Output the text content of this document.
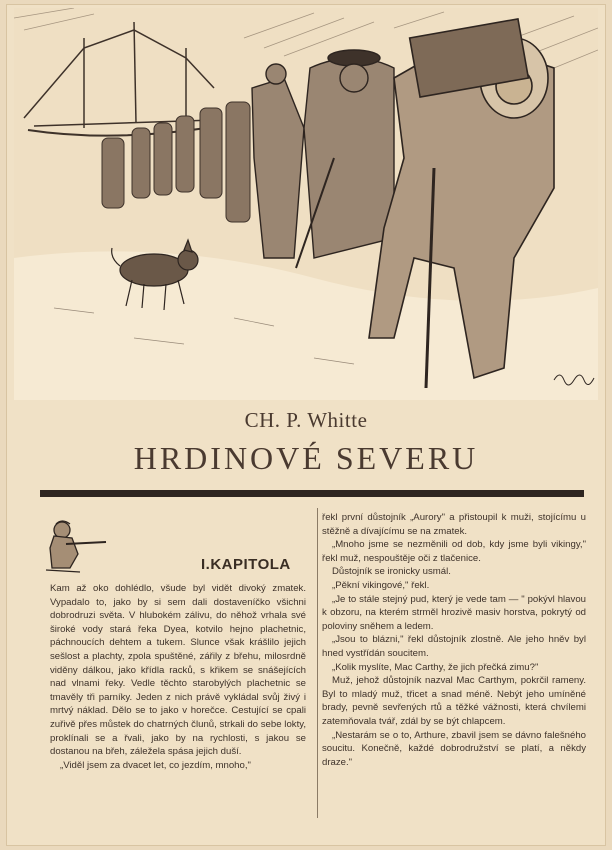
CH. P. Whitte
HRDINOVÉ SEVERU
I.KAPITOLA

Kam až oko dohlédlo, všude byl vidět divoký zmatek. Vypadalo to, jako by si sem dali dostaveníčko všichni dobrodruzi světa. V hlubokém zálivu, do něhož vrhala své široké vody stará řeka Dyea, kotvilo hejno plachetnic, páchnoucích dehtem a tukem. Slunce však krášlilo jejich sešlost a plachty, zpola spuštěné, zářily z břehu, milosrdně viděny dálkou, jako křídla racků, s křikem se snášejících nad vlnami řeky. Vedle těchto starobylých plachetnic se tmavěly tři parníky. Jeden z nich právě vykládal svůj živý i mrtvý náklad. Dělo se to jako v horečce. Cestující se cpali zuřivě přes můstek do chatrných člunů, strkali do sebe lokty, proklínali se a řvali, jako by na rychlosti, s jakou se dostanou na břeh, záležela spása jejich duší.

„Viděl jsem za dvacet let, co jezdím, mnoho,"

řekl první důstojník „Aurory" a přistoupil k muži, stojícímu u stěžně a dívajícímu se na zmatek.

„Mnoho jsme se nezměnili od dob, kdy jsme byli vikingy," řekl muž, nespouštěje oči z tlačenice.

Důstojník se ironicky usmál.

„Pěkní vikingové," řekl.

„Je to stále stejný pud, který je vede tam — " pokývl hlavou k obzoru, na kterém strměl hrozivě masiv horstva, pokrytý od poloviny sněhem a ledem.

„Jsou to blázni," řekl důstojník zlostně. Ale jeho hněv byl hned vystřídán soucitem.

„Kolik myslíte, Mac Carthy, že jich přečká zimu?"

Muž, jehož důstojník nazval Mac Carthym, pokrčil rameny. Byl to mladý muž, třicet a snad méně. Nebýt jeho umíněné brady, pevně sevřených rtů a těžké vážnosti, která chvílemi zatemňovala tvář, zdál by se být chlapcem.

„Nestarám se o to, Arthure, zbavil jsem se dávno falešného soucitu. Konečně, každé dobrodružství se platí, a někdy draze."
